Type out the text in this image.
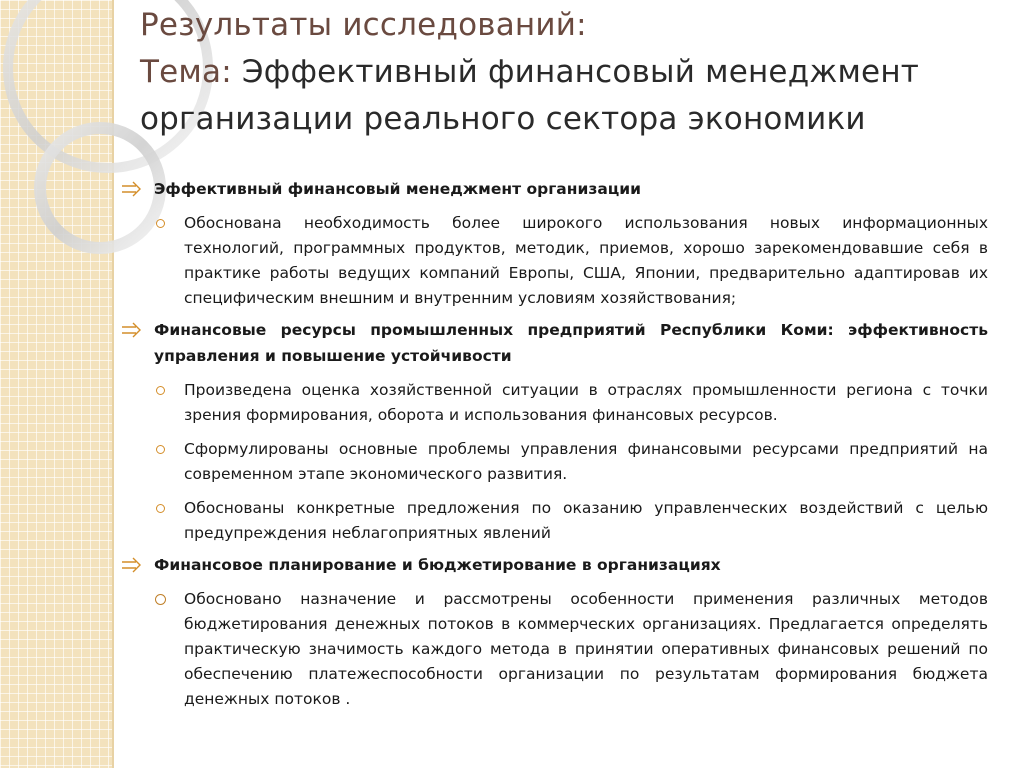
Результаты исследований:
Тема: Эффективный финансовый менеджмент
организации реального сектора экономики
Эффективный финансовый менеджмент организации
Обоснована необходимость более широкого использования новых информационных технологий, программных продуктов, методик, приемов, хорошо зарекомендовавшие себя в практике работы ведущих компаний Европы, США, Японии, предварительно адаптировав их специфическим внешним и внутренним условиям хозяйствования;
Финансовые ресурсы промышленных предприятий Республики Коми: эффективность управления и повышение устойчивости
Произведена оценка хозяйственной ситуации в отраслях промышленности региона с точки зрения формирования, оборота и использования финансовых ресурсов.
Сформулированы основные проблемы управления финансовыми ресурсами предприятий на современном этапе экономического развития.
Обоснованы конкретные предложения по оказанию управленческих воздействий с целью предупреждения неблагоприятных явлений
Финансовое планирование и бюджетирование в организациях
Обосновано назначение и рассмотрены особенности применения различных методов бюджетирования денежных потоков в коммерческих организациях. Предлагается определять практическую значимость каждого метода в принятии оперативных финансовых решений по обеспечению платежеспособности организации по результатам формирования бюджета денежных потоков .
